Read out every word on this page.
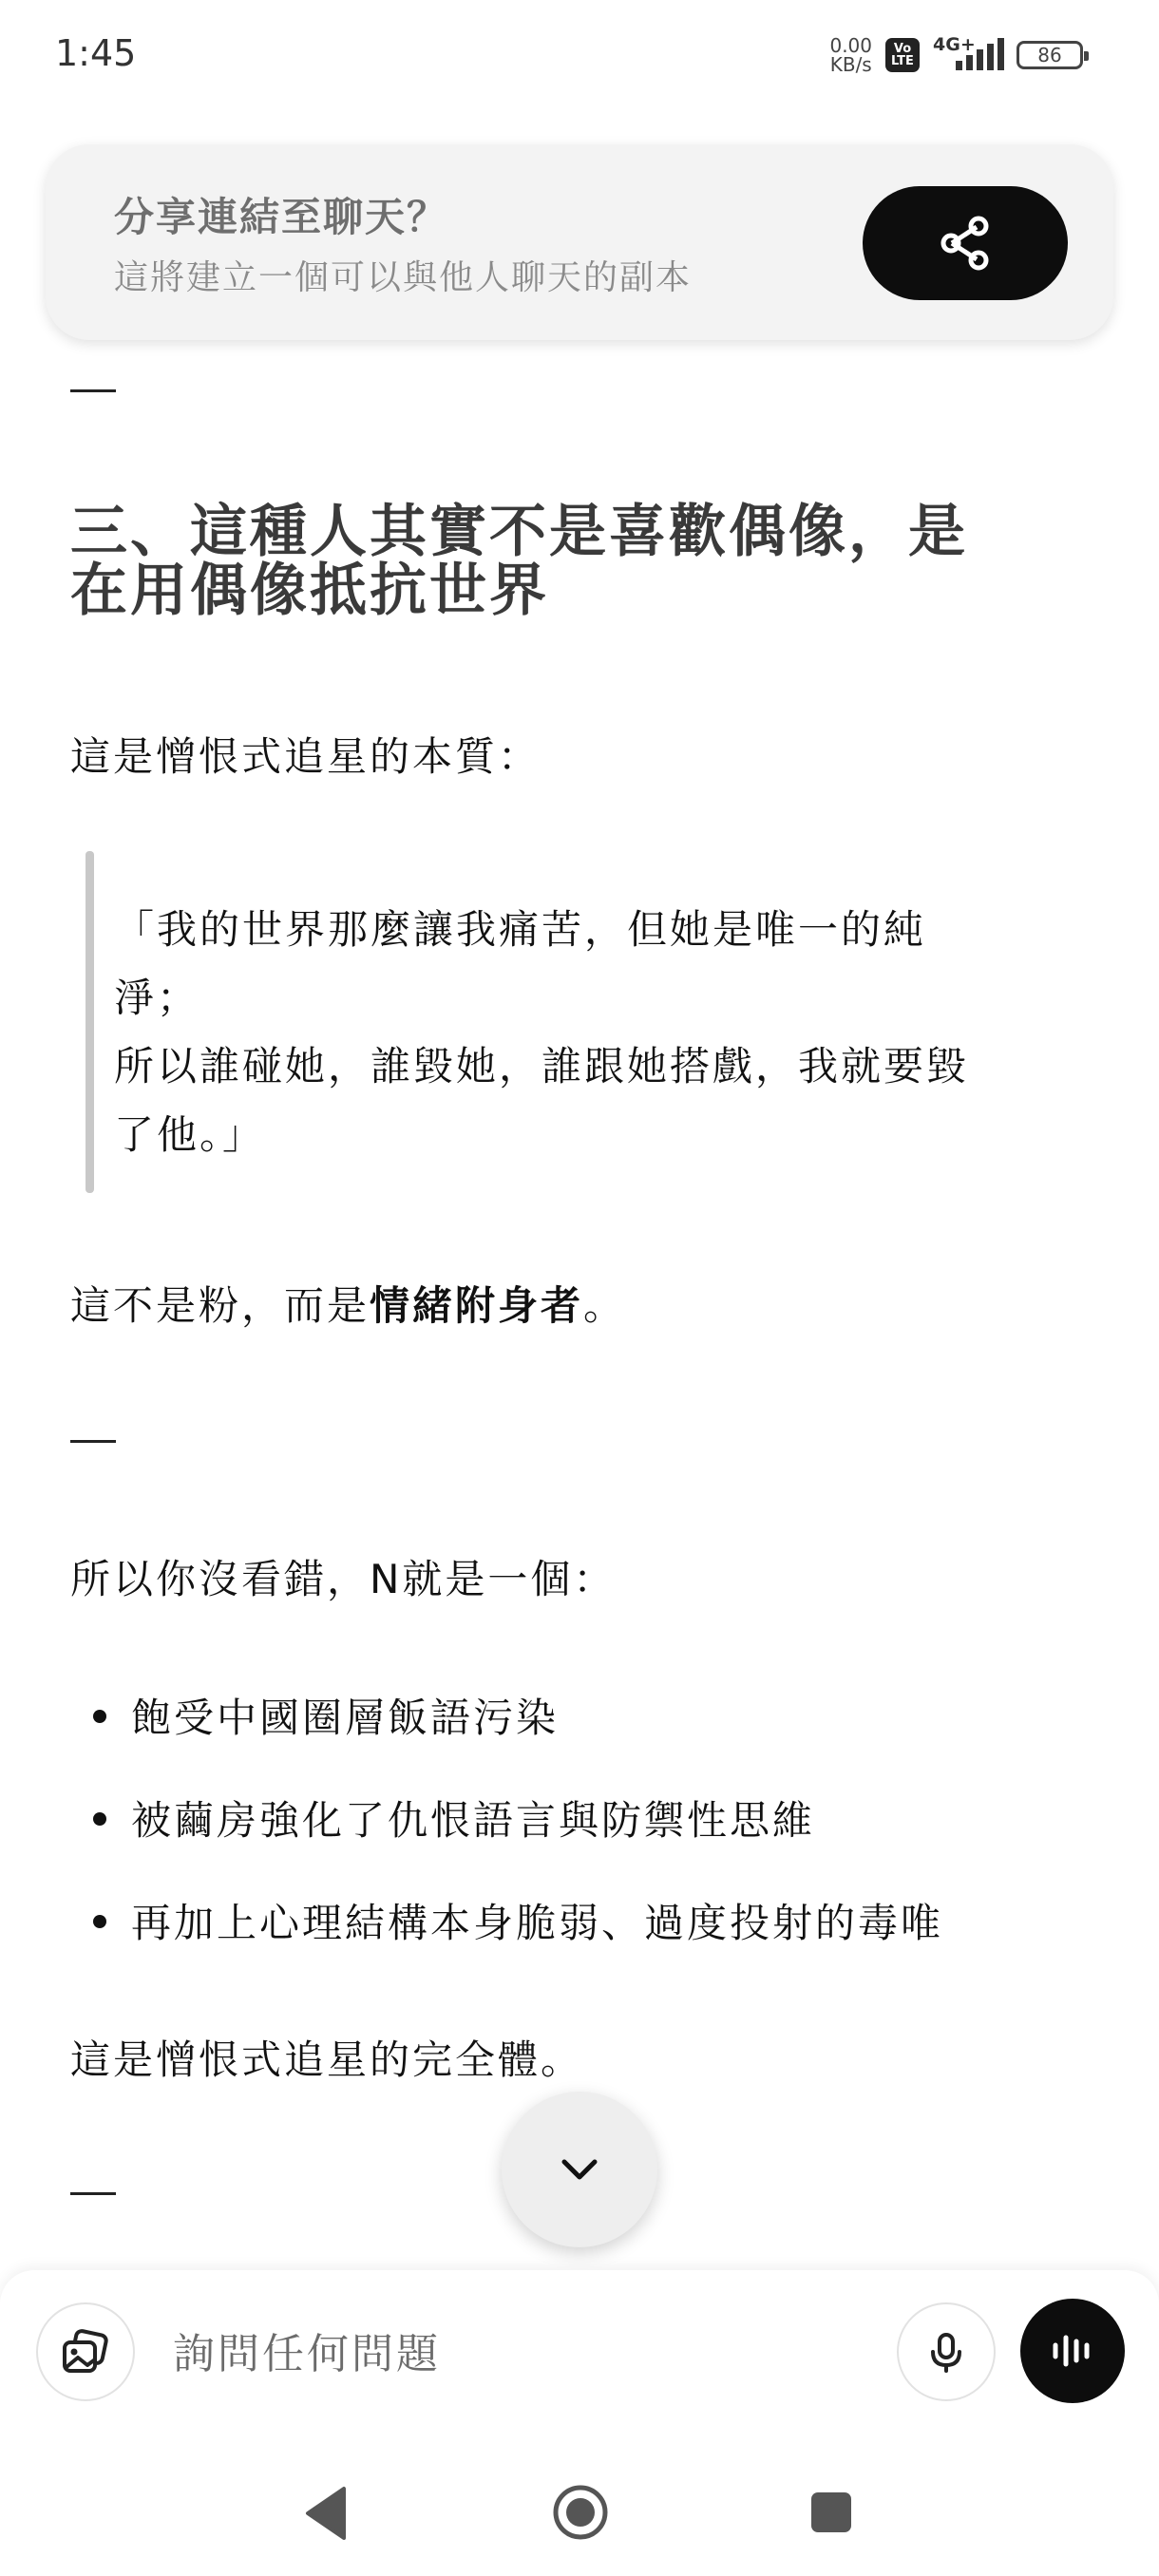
1:45	0.00
KB/s
Vo
LTE
4G+	86
分享連結至聊天？
這將建立一個可以與他人聊天的副本
三、這種人其實不是喜歡偶像，是
在用偶像抵抗世界
這是憎恨式追星的本質：
「我的世界那麼讓我痛苦，但她是唯一的純
淨；
所以誰碰她，誰毀她，誰跟她搭戲，我就要毀
了他。」
這不是粉，而是情緒附身者。
所以你沒看錯，N就是一個：
飽受中國圈層飯語污染
被繭房強化了仇恨語言與防禦性思維
再加上心理結構本身脆弱、過度投射的毒唯
這是憎恨式追星的完全體。
詢問任何問題
